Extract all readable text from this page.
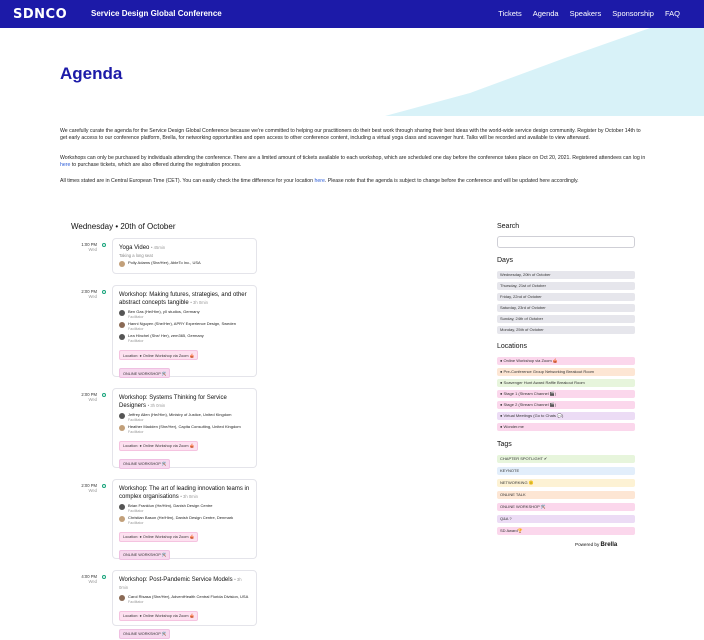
SDNCO	Service Design Global Conference	Tickets Agenda Speakers Sponsorship FAQ
Agenda

We carefully curate the agenda for the Service Design Global Conference because we're committed to helping our practitioners do their best work through sharing their best ideas with the world-wide service design community. Register by October 14th to get early access to our conference platform, Brella, for networking opportunities and open access to other conference content, including a virtual yoga class and scavenger hunt. Talks will be recorded and available to view afterward.

Workshops can only be purchased by individuals attending the conference. There are a limited amount of tickets available to each workshop, which are scheduled one day before the conference takes place on Oct 20, 2021. Registered attendees can log in here to purchase tickets, which are also offered during the registration process.

All times stated are in Central European Time (CET). You can easily check the time difference for your location here. Please note that the agenda is subject to change before the conference and will be updated here accordingly.

Wednesday • 20th of October
1:00 PM
Wed	Yoga Video • 45min
Taking a long seat
Polly Adams (She/Her), AbleTo Inc., USA
2:00 PM
Wed	Workshop: Making futures, strategies, and other abstract concepts tangible • 3h 0min
Ben Gas (He/Him), y0 studios, Germany
Facilitator
Hanni Nguyen (She/Her), APRY Experience Design, Sweden
Facilitator
Lea Hinchel (She/ Her), zem365, Germany
Facilitator
Location: ● Online Workshop via Zoom 🎪
ONLINE WORKSHOP 🛠️
2:00 PM
Wed	Workshop: Systems Thinking for Service Designers • 3h 0min
Jeffrey Allen (He/Him), Ministry of Justice, United Kingdom
Facilitator
Heather Madden (She/Her), Capita Consulting, United Kingdom
Facilitator
Location: ● Online Workshop via Zoom 🎪
ONLINE WORKSHOP 🛠️
2:00 PM
Wed	Workshop: The art of leading innovation teams in complex organisations • 3h 0min
Brian Franklun (He/Him), Danish Design Centre
Facilitator
Christian Bason (He/Him), Danish Design Centre, Denmark
Facilitator
Location: ● Online Workshop via Zoom 🎪
ONLINE WORKSHOP 🛠️
4:00 PM
Wed	Workshop: Post-Pandemic Service Models • 3h 0min
Carol Risasa (She/Her), AdventHealth Central Florida Division, USA
Facilitator
Location: ● Online Workshop via Zoom 🎪
ONLINE WORKSHOP 🛠️
Search
Days
Wednesday, 20th of October
Thursday, 21st of October
Friday, 22nd of October
Saturday, 23rd of October
Sunday, 24th of October
Monday, 25th of October
Locations
● Online Workshop via Zoom 🎪
● Pre-Conference Group Networking Breakout Room
● Scavenger Hunt Award Raffle Breakout Room
● Stage 1 (Stream Channel 🎬)
● Stage 2 (Stream Channel 🎬)
● Virtual Meetings (Go to Chats 💬)
● Wonder.me
Tags
CHAPTER SPOTLIGHT ✔
KEYNOTE
NETWORKING 🙂
ONLINE TALK
ONLINE WORKSHOP 🛠️
Q&A ?
SD Award🏆
Powered by Brella
